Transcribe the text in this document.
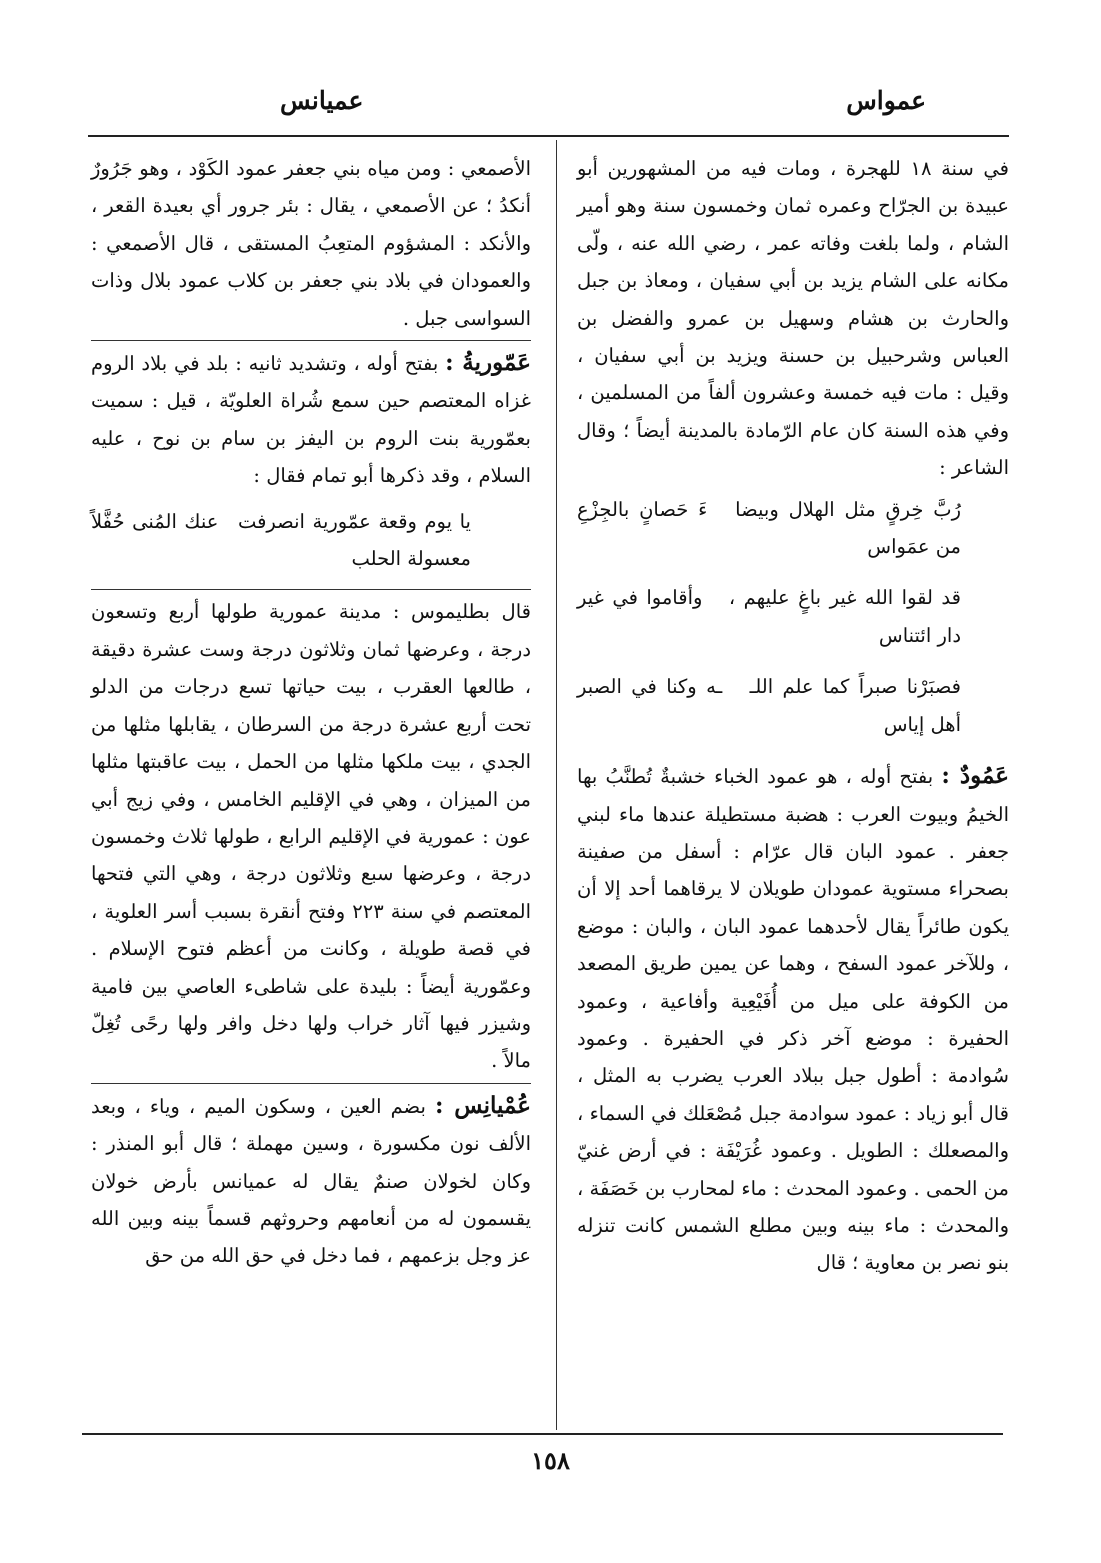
عمواس
عمیانس

في سنة ١٨ للهجرة ، ومات فيه من المشهورين أبو عبيدة بن الجرّاح وعمره ثمان وخمسون سنة وهو أمير الشام ، ولما بلغت وفاته عمر ، رضي الله عنه ، ولّى مكانه على الشام يزيد بن أبي سفيان ، ومعاذ بن جبل والحارث بن هشام وسهيل بن عمرو والفضل بن العباس وشرحبيل بن حسنة ويزيد بن أبي سفيان ، وقيل : مات فيه خمسة وعشرون ألفاً من المسلمين ، وفي هذه السنة كان عام الرّمادة بالمدينة أيضاً ؛ وقال الشاعر :

رُبَّ خِرقٍ مثل الهلال وبيضا ءَ حَصانٍ بالجِزْعِ من عمَواس
قد لقوا الله غير باغٍ عليهم ، وأقاموا في غير دار ائتناس
فصبَرْنا صبراً كما علم اللـ ـه وكنا في الصبر أهل إياس

عَمُودٌ : بفتح أوله ، هو عمود الخباء خشبةٌ تُطنَّبُ بها الخيمُ وبيوت العرب : هضبة مستطيلة عندها ماء لبني جعفر . عمود البان قال عرّام : أسفل من صفينة بصحراء مستوية عمودان طويلان لا يرقاهما أحد إلا أن يكون طائراً يقال لأحدهما عمود البان ، والبان : موضع ، وللآخر عمود السفح ، وهما عن يمين طريق المصعد من الكوفة على ميل من أُفَيْعِية وأفاعية ، وعمود الحفيرة : موضع آخر ذكر في الحفيرة . وعمود سُوادمة : أطول جبل ببلاد العرب يضرب به المثل ، قال أبو زياد : عمود سوادمة جبل مُصْعَلك في السماء ، والمصعلك : الطويل . وعمود غُرَيْفَة : في أرض غنيّ من الحمى . وعمود المحدث : ماء لمحارب بن خَصَفَة ، والمحدث : ماء بينه وبين مطلع الشمس كانت تنزله بنو نصر بن معاوية ؛ قال

الأصمعي : ومن مياه بني جعفر عمود الكَوْد ، وهو جَرُورٌ أنكدُ ؛ عن الأصمعي ، يقال : بئر جرور أي بعيدة القعر ، والأنكد : المشؤوم المتعِبُ المستقى ، قال الأصمعي : والعمودان في بلاد بني جعفر بن كلاب عمود بلال وذات السواسى جبل .

عَمّوريةُ : بفتح أوله ، وتشديد ثانيه : بلد في بلاد الروم غزاه المعتصم حين سمع شُراة العلويّة ، قيل : سميت بعمّورية بنت الروم بن اليفز بن سام بن نوح ، عليه السلام ، وقد ذكرها أبو تمام فقال :

يا يوم وقعة عمّورية انصرفت عنك المُنى حُفَّلاً معسولة الحلب

قال بطليموس : مدينة عمورية طولها أربع وتسعون درجة ، وعرضها ثمان وثلاثون درجة وست عشرة دقيقة ، طالعها العقرب ، بيت حياتها تسع درجات من الدلو تحت أربع عشرة درجة من السرطان ، يقابلها مثلها من الجدي ، بيت ملكها مثلها من الحمل ، بيت عاقبتها مثلها من الميزان ، وهي في الإقليم الخامس ، وفي زيج أبي عون : عمورية في الإقليم الرابع ، طولها ثلاث وخمسون درجة ، وعرضها سبع وثلاثون درجة ، وهي التي فتحها المعتصم في سنة ٢٢٣ وفتح أنقرة بسبب أسر العلوية ، في قصة طويلة ، وكانت من أعظم فتوح الإسلام . وعمّورية أيضاً : بليدة على شاطىء العاصي بين فامية وشيزر فيها آثار خراب ولها دخل وافر ولها رحًى تُغِلّ مالاً .

عُمْيانِس : بضم العين ، وسكون الميم ، وياء ، وبعد الألف نون مكسورة ، وسين مهملة ؛ قال أبو المنذر : وكان لخولان صنمٌ يقال له عميانس بأرض خولان يقسمون له من أنعامهم وحروثهم قسماً بينه وبين الله عز وجل بزعمهم ، فما دخل في حق الله من حق

١٥٨
